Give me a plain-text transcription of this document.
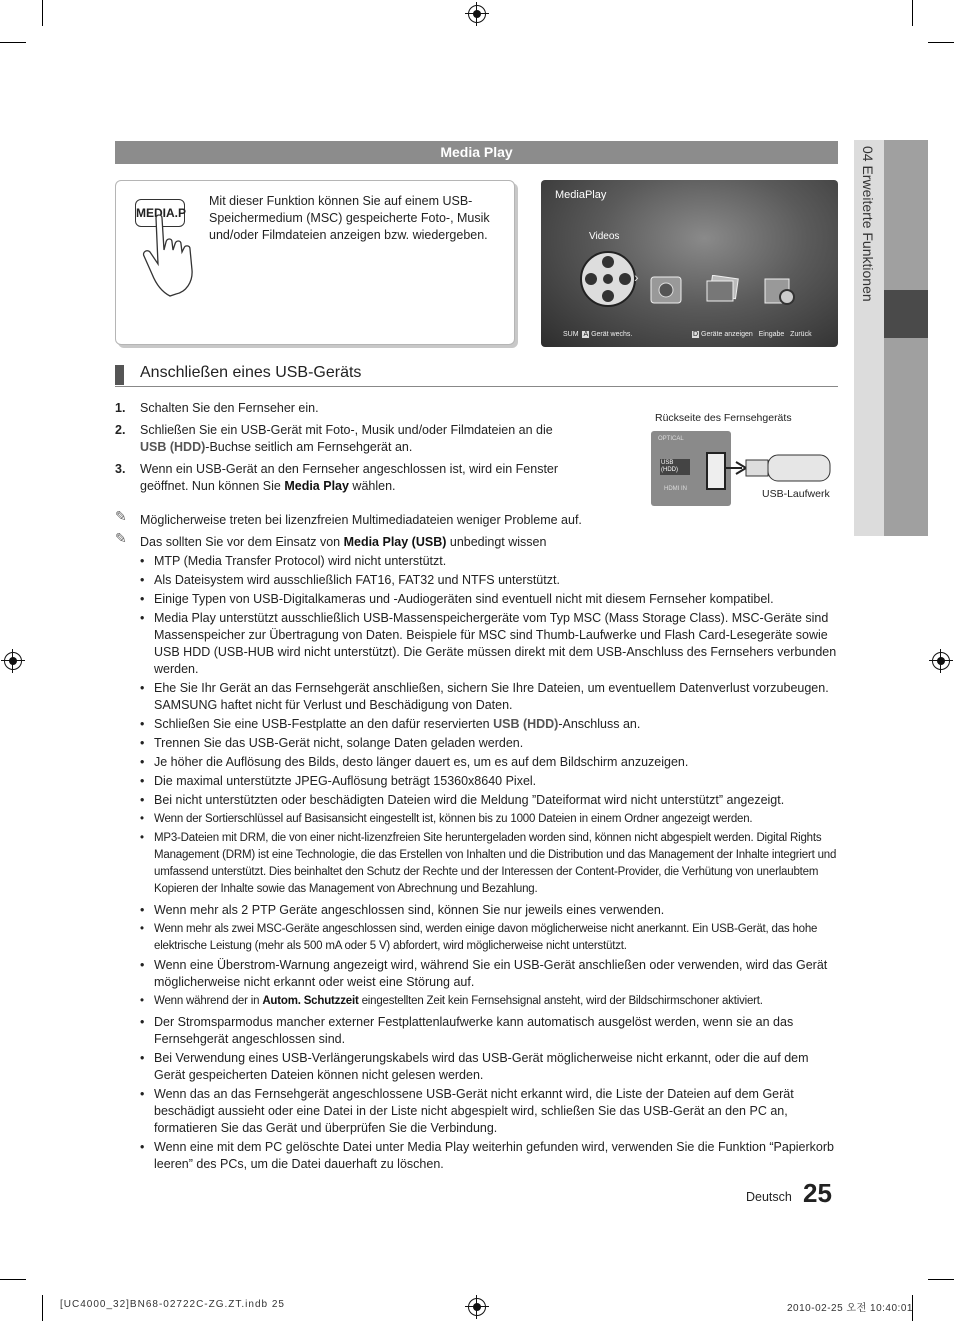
Media Play
MEDIA.P
Mit dieser Funktion können Sie auf einem USB-Speichermedium (MSC) gespeicherte Foto-, Musik und/oder Filmdateien anzeigen bzw. wiedergeben.
MediaPlay
Videos
›
SUM A Gerät wechs.	D Geräte anzeigen Eingabe Zurück
Anschließen eines USB-Geräts
1. Schalten Sie den Fernseher ein.
2. Schließen Sie ein USB-Gerät mit Foto-, Musik und/oder Filmdateien an die USB (HDD)-Buchse seitlich am Fernsehgerät an.
3. Wenn ein USB-Gerät an den Fernseher angeschlossen ist, wird ein Fenster geöffnet. Nun können Sie Media Play wählen.
Rückseite des Fernsehgeräts
OPTICAL
USB (HDD)
HDMI IN	USB-Laufwerk
✎ Möglicherweise treten bei lizenzfreien Multimediadateien weniger Probleme auf.
✎ Das sollten Sie vor dem Einsatz von Media Play (USB) unbedingt wissen
• MTP (Media Transfer Protocol) wird nicht unterstützt.
• Als Dateisystem wird ausschließlich FAT16, FAT32 und NTFS unterstützt.
• Einige Typen von USB-Digitalkameras und -Audiogeräten sind eventuell nicht mit diesem Fernseher kompatibel.
• Media Play unterstützt ausschließlich USB-Massenspeichergeräte vom Typ MSC (Mass Storage Class). MSC-Geräte sind Massenspeicher zur Übertragung von Daten. Beispiele für MSC sind Thumb-Laufwerke und Flash Card-Lesegeräte sowie USB HDD (USB-HUB wird nicht unterstützt). Die Geräte müssen direkt mit dem USB-Anschluss des Fernsehers verbunden werden.
• Ehe Sie Ihr Gerät an das Fernsehgerät anschließen, sichern Sie Ihre Dateien, um eventuellem Datenverlust vorzubeugen. SAMSUNG haftet nicht für Verlust und Beschädigung von Daten.
• Schließen Sie eine USB-Festplatte an den dafür reservierten USB (HDD)-Anschluss an.
• Trennen Sie das USB-Gerät nicht, solange Daten geladen werden.
• Je höher die Auflösung des Bilds, desto länger dauert es, um es auf dem Bildschirm anzuzeigen.
• Die maximal unterstützte JPEG-Auflösung beträgt 15360x8640 Pixel.
• Bei nicht unterstützten oder beschädigten Dateien wird die Meldung ”Dateiformat wird nicht unterstützt” angezeigt.
• Wenn der Sortierschlüssel auf Basisansicht eingestellt ist, können bis zu 1000 Dateien in einem Ordner angezeigt werden.
• MP3-Dateien mit DRM, die von einer nicht-lizenzfreien Site heruntergeladen worden sind, können nicht abgespielt werden. Digital Rights Management (DRM) ist eine Technologie, die das Erstellen von Inhalten und die Distribution und das Management der Inhalte integriert und umfassend unterstützt. Dies beinhaltet den Schutz der Rechte und der Interessen der Content-Provider, die Verhütung von unerlaubtem Kopieren der Inhalte sowie das Management von Abrechnung und Bezahlung.
• Wenn mehr als 2 PTP Geräte angeschlossen sind, können Sie nur jeweils eines verwenden.
• Wenn mehr als zwei MSC-Geräte angeschlossen sind, werden einige davon möglicherweise nicht anerkannt. Ein USB-Gerät, das hohe elektrische Leistung (mehr als 500 mA oder 5 V) abfordert, wird möglicherweise nicht unterstützt.
• Wenn eine Überstrom-Warnung angezeigt wird, während Sie ein USB-Gerät anschließen oder verwenden, wird das Gerät möglicherweise nicht erkannt oder weist eine Störung auf.
• Wenn während der in Autom. Schutzzeit eingestellten Zeit kein Fernsehsignal ansteht, wird der Bildschirmschoner aktiviert.
• Der Stromsparmodus mancher externer Festplattenlaufwerke kann automatisch ausgelöst werden, wenn sie an das Fernsehgerät angeschlossen sind.
• Bei Verwendung eines USB-Verlängerungskabels wird das USB-Gerät möglicherweise nicht erkannt, oder die auf dem Gerät gespeicherten Dateien können nicht gelesen werden.
• Wenn das an das Fernsehgerät angeschlossene USB-Gerät nicht erkannt wird, die Liste der Dateien auf dem Gerät beschädigt aussieht oder eine Datei in der Liste nicht abgespielt wird, schließen Sie das USB-Gerät an den PC an, formatieren Sie das Gerät und überprüfen Sie die Verbindung.
• Wenn eine mit dem PC gelöschte Datei unter Media Play weiterhin gefunden wird, verwenden Sie die Funktion “Papierkorb leeren” des PCs, um die Datei dauerhaft zu löschen.
04 Erweiterte Funktionen
Deutsch 25
[UC4000_32]BN68-02722C-ZG.ZT.indb 25	2010-02-25 오전 10:40:01
